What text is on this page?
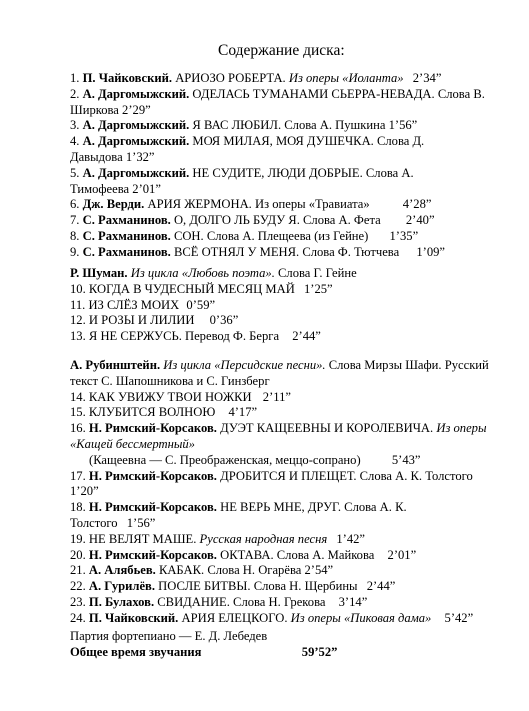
Содержание диска:
1. П. Чайковский. АРИОЗО РОБЕРТА. Из оперы «Иоланта» 2’34”
2. А. Даргомыжский. ОДЕЛАСЬ ТУМАНАМИ СЬЕРРА-НЕВАДА. Слова В.
Ширкова 2’29”
3. А. Даргомыжский. Я ВАС ЛЮБИЛ. Слова А. Пушкина 1’56”
4. А. Даргомыжский. МОЯ МИЛАЯ, МОЯ ДУШЕЧКА. Слова Д.
Давыдова 1’32”
5. А. Даргомыжский. НЕ СУДИТЕ, ЛЮДИ ДОБРЫЕ. Слова А.
Тимофеева 2’01”
6. Дж. Верди. АРИЯ ЖЕРМОНА. Из оперы «Травиата»	4’28”
7. С. Рахманинов. О, ДОЛГО ЛЬ БУДУ Я. Слова А. Фета 2’40”
8. С. Рахманинов. СОН. Слова А. Плещеева (из Гейне) 1’35”
9. С. Рахманинов. ВСЁ ОТНЯЛ У МЕНЯ. Слова Ф. Тютчева 1’09”
Р. Шуман. Из цикла «Любовь поэта». Слова Г. Гейне
10. КОГДА В ЧУДЕСНЫЙ МЕСЯЦ МАЙ 1’25”
11. ИЗ СЛЁЗ МОИХ 0’59”
12. И РОЗЫ И ЛИЛИИ 0’36”
13. Я НЕ СЕРЖУСЬ. Перевод Ф. Берга 2’44”
А. Рубинштейн. Из цикла «Персидские песни». Слова Мирзы Шафи. Русский
текст С. Шапошникова и С. Гинзберг
14. КАК УВИЖУ ТВОИ НОЖКИ 2’11”
15. КЛУБИТСЯ ВОЛНОЮ 4’17”
16. Н. Римский-Корсаков. ДУЭТ КАЩЕЕВНЫ И КОРОЛЕВИЧА. Из оперы
«Кащей бессмертный»
(Кащеевна — С. Преображенская, меццо-сопрано) 5’43”
17. Н. Римский-Корсаков. ДРОБИТСЯ И ПЛЕЩЕТ. Слова А. К. Толстого
1’20”
18. Н. Римский-Корсаков. НЕ ВЕРЬ МНЕ, ДРУГ. Слова А. К.
Толстого 1’56”
19. НЕ ВЕЛЯТ МАШЕ. Русская народная песня 1’42”
20. Н. Римский-Корсаков. ОКТАВА. Слова А. Майкова 2’01”
21. А. Алябьев. КАБАК. Слова Н. Огарёва 2’54”
22. А. Гурилёв. ПОСЛЕ БИТВЫ. Слова Н. Щербины 2’44”
23. П. Булахов. СВИДАНИЕ. Слова Н. Грекова 3’14”
24. П. Чайковский. АРИЯ ЕЛЕЦКОГО. Из оперы «Пиковая дама» 5’42”
Партия фортепиано — Е. Д. Лебедев
Общее время звучания	59’52”
